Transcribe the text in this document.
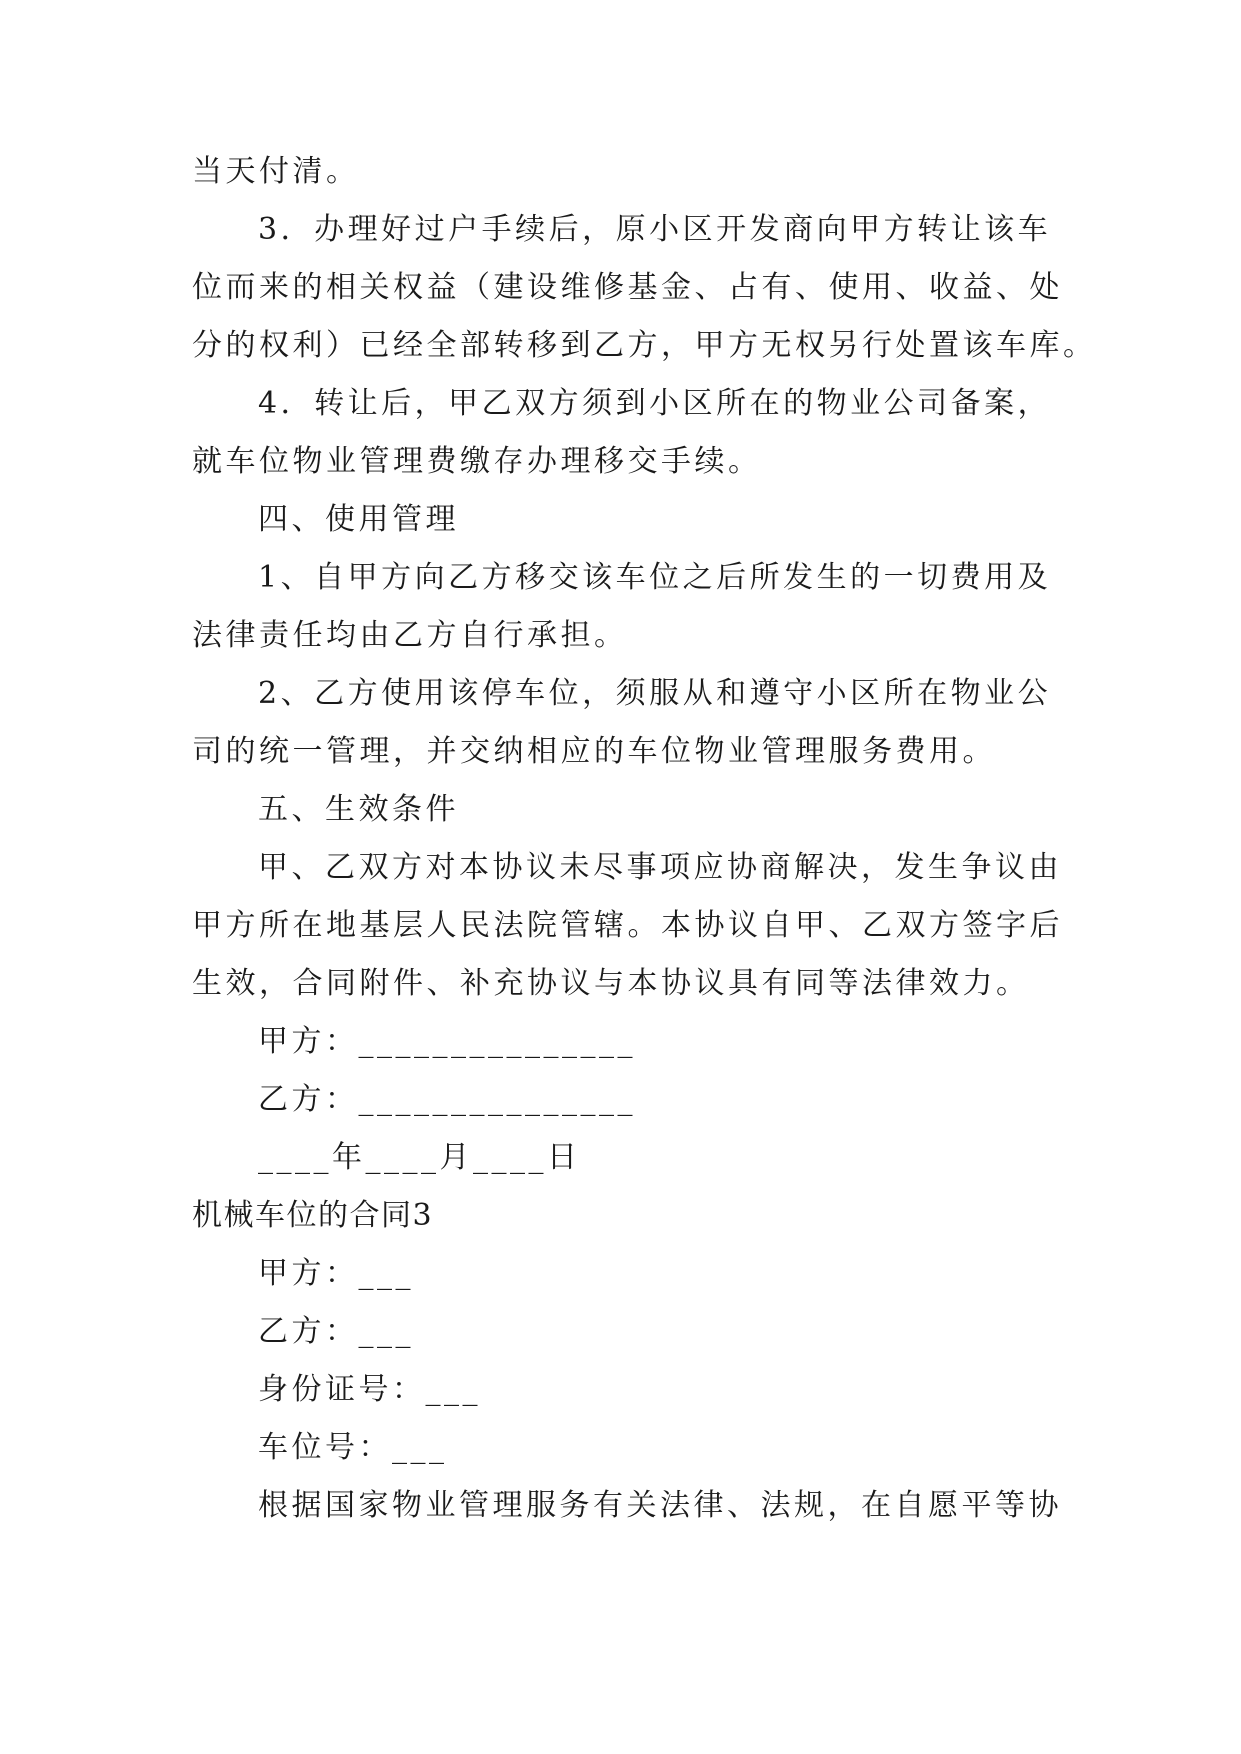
当天付清。
3．办理好过户手续后，原小区开发商向甲方转让该车
位而来的相关权益（建设维修基金、占有、使用、收益、处
分的权利）已经全部转移到乙方，甲方无权另行处置该车库。
4．转让后，甲乙双方须到小区所在的物业公司备案，
就车位物业管理费缴存办理移交手续。
四、使用管理
1、自甲方向乙方移交该车位之后所发生的一切费用及
法律责任均由乙方自行承担。
2、乙方使用该停车位，须服从和遵守小区所在物业公
司的统一管理，并交纳相应的车位物业管理服务费用。
五、生效条件
甲、乙双方对本协议未尽事项应协商解决，发生争议由
甲方所在地基层人民法院管辖。本协议自甲、乙双方签字后
生效，合同附件、补充协议与本协议具有同等法律效力。
甲方：_______________
乙方：_______________
____年____月____日
机械车位的合同3
甲方：___
乙方：___
身份证号：___
车位号：___
根据国家物业管理服务有关法律、法规，在自愿平等协
